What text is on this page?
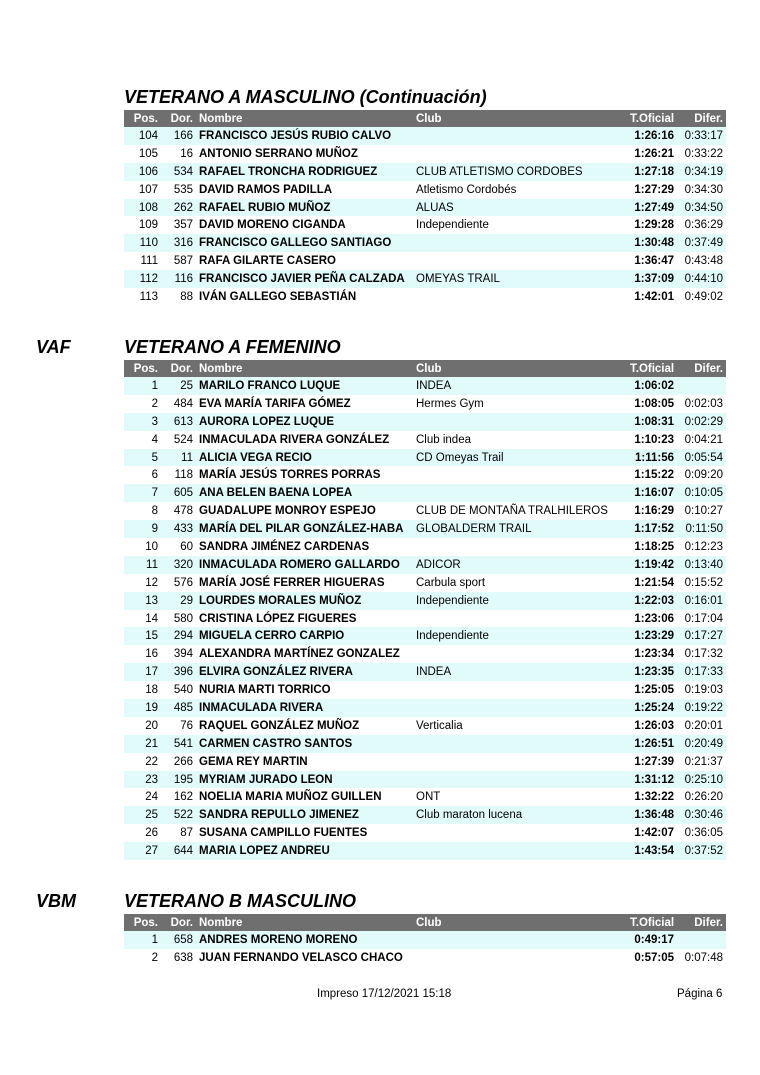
VETERANO A MASCULINO (Continuación)
Pos.	Dor.	Nombre	Club	T.Oficial	Difer.
104	166	FRANCISCO JESÚS RUBIO CALVO		1:26:16	0:33:17
105	16	ANTONIO SERRANO MUÑOZ		1:26:21	0:33:22
106	534	RAFAEL TRONCHA RODRIGUEZ	CLUB ATLETISMO CORDOBES	1:27:18	0:34:19
107	535	DAVID RAMOS PADILLA	Atletismo Cordobés	1:27:29	0:34:30
108	262	RAFAEL RUBIO MUÑOZ	ALUAS	1:27:49	0:34:50
109	357	DAVID MORENO CIGANDA	Independiente	1:29:28	0:36:29
110	316	FRANCISCO GALLEGO SANTIAGO		1:30:48	0:37:49
111	587	RAFA GILARTE CASERO		1:36:47	0:43:48
112	116	FRANCISCO JAVIER PEÑA CALZADA	OMEYAS TRAIL	1:37:09	0:44:10
113	88	IVÁN GALLEGO SEBASTIÁN		1:42:01	0:49:02
VAF	VETERANO A FEMENINO
Pos.	Dor.	Nombre	Club	T.Oficial	Difer.
1	25	MARILO FRANCO LUQUE	INDEA	1:06:02	
2	484	EVA MARÍA TARIFA GÓMEZ	Hermes Gym	1:08:05	0:02:03
3	613	AURORA LOPEZ LUQUE		1:08:31	0:02:29
4	524	INMACULADA RIVERA GONZÁLEZ	Club indea	1:10:23	0:04:21
5	11	ALICIA VEGA RECIO	CD Omeyas Trail	1:11:56	0:05:54
6	118	MARÍA JESÚS TORRES PORRAS		1:15:22	0:09:20
7	605	ANA BELEN BAENA LOPEA		1:16:07	0:10:05
8	478	GUADALUPE MONROY ESPEJO	CLUB DE MONTAÑA TRALHILEROS	1:16:29	0:10:27
9	433	MARÍA DEL PILAR GONZÁLEZ-HABA	GLOBALDERM TRAIL	1:17:52	0:11:50
10	60	SANDRA JIMÉNEZ CARDENAS		1:18:25	0:12:23
11	320	INMACULADA ROMERO GALLARDO	ADICOR	1:19:42	0:13:40
12	576	MARÍA JOSÉ FERRER HIGUERAS	Carbula sport	1:21:54	0:15:52
13	29	LOURDES MORALES MUÑOZ	Independiente	1:22:03	0:16:01
14	580	CRISTINA LÓPEZ FIGUERES		1:23:06	0:17:04
15	294	MIGUELA CERRO CARPIO	Independiente	1:23:29	0:17:27
16	394	ALEXANDRA MARTÍNEZ GONZALEZ		1:23:34	0:17:32
17	396	ELVIRA GONZÁLEZ RIVERA	INDEA	1:23:35	0:17:33
18	540	NURIA MARTI TORRICO		1:25:05	0:19:03
19	485	INMACULADA RIVERA		1:25:24	0:19:22
20	76	RAQUEL GONZÁLEZ MUÑOZ	Verticalia	1:26:03	0:20:01
21	541	CARMEN CASTRO SANTOS		1:26:51	0:20:49
22	266	GEMA REY MARTIN		1:27:39	0:21:37
23	195	MYRIAM JURADO LEON		1:31:12	0:25:10
24	162	NOELIA MARIA MUÑOZ GUILLEN	ONT	1:32:22	0:26:20
25	522	SANDRA REPULLO JIMENEZ	Club maraton lucena	1:36:48	0:30:46
26	87	SUSANA CAMPILLO FUENTES		1:42:07	0:36:05
27	644	MARIA LOPEZ ANDREU		1:43:54	0:37:52
VBM	VETERANO B MASCULINO
Pos.	Dor.	Nombre	Club	T.Oficial	Difer.
1	658	ANDRES MORENO MORENO		0:49:17	
2	638	JUAN FERNANDO VELASCO CHACO		0:57:05	0:07:48
Impreso 17/12/2021 15:18	Página 6
